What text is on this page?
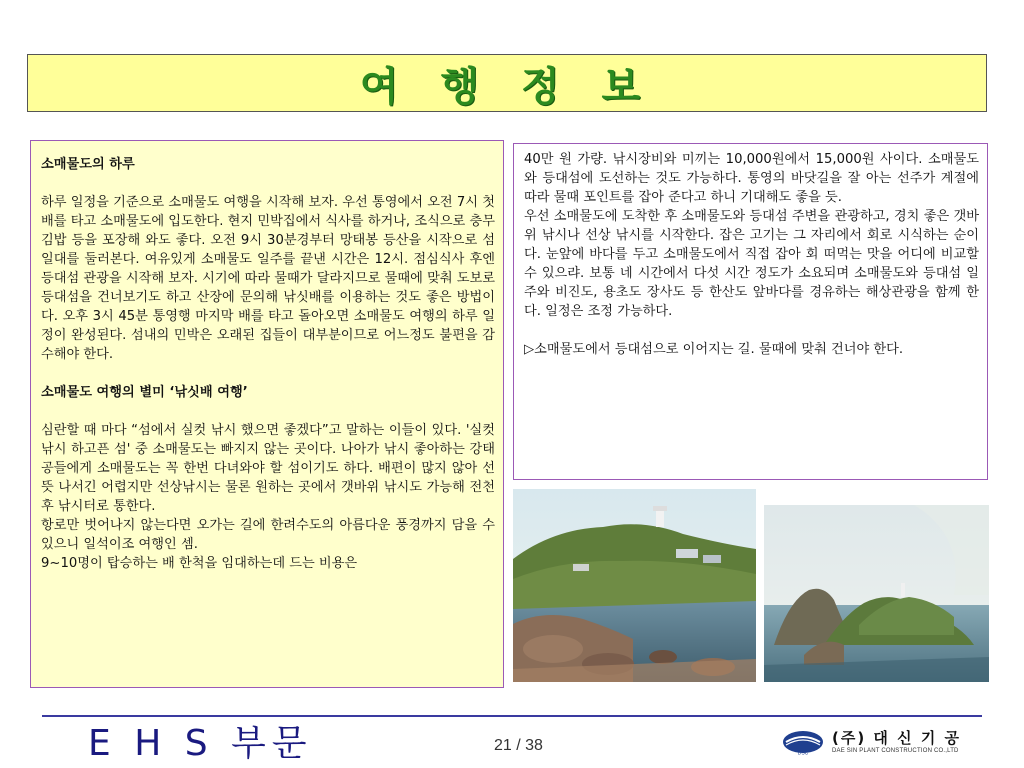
여 행 정 보

소매물도의 하루

하루 일정을 기준으로 소매물도 여행을 시작해 보자. 우선 통영에서 오전 7시 첫배를 타고 소매물도에 입도한다. 현지 민박집에서 식사를 하거나, 조식으로 충무김밥 등을 포장해 와도 좋다. 오전 9시 30분경부터 망태봉 등산을 시작으로 섬 일대를 둘러본다. 여유있게 소매물도 일주를 끝낸 시간은 12시. 점심식사 후엔 등대섬 관광을 시작해 보자. 시기에 따라 물때가 달라지므로 물때에 맞춰 도보로 등대섬을 건너보기도 하고 산장에 문의해 낚싯배를 이용하는 것도 좋은 방법이다. 오후 3시 45분 통영행 마지막 배를 타고 돌아오면 소매물도 여행의 하루 일정이 완성된다. 섬내의 민박은 오래된 집들이 대부분이므로 어느정도 불편을 감수해야 한다.

소매물도 여행의 별미 ‘낚싯배 여행’

심란할 때 마다 “섬에서 실컷 낚시 했으면 좋겠다”고 말하는 이들이 있다. '실컷 낚시 하고픈 섬' 중 소매물도는 빠지지 않는 곳이다. 나아가 낚시 좋아하는 강태공들에게 소매물도는 꼭 한번 다녀와야 할 섬이기도 하다. 배편이 많지 않아 선뜻 나서긴 어렵지만 선상낚시는 물론 원하는 곳에서 갯바위 낚시도 가능해 전천후 낚시터로 통한다.

항로만 벗어나지 않는다면 오가는 길에 한려수도의 아름다운 풍경까지 담을 수 있으니 일석이조 여행인 셈.

9~10명이 탑승하는 배 한척을 임대하는데 드는 비용은

40만 원 가량. 낚시장비와 미끼는 10,000원에서 15,000원 사이다. 소매물도와 등대섬에 도선하는 것도 가능하다. 통영의 바닷길을 잘 아는 선주가 계절에 따라 물때 포인트를 잡아 준다고 하니 기대해도 좋을 듯.

우선 소매물도에 도착한 후 소매물도와 등대섬 주변을 관광하고, 경치 좋은 갯바위 낚시나 선상 낚시를 시작한다. 잡은 고기는 그 자리에서 회로 시식하는 순이다. 눈앞에 바다를 두고 소매물도에서 직접 잡아 회 떠먹는 맛을 어디에 비교할 수 있으랴. 보통 네 시간에서 다섯 시간 정도가 소요되며 소매물도와 등대섬 일주와 비진도, 용초도 장사도 등 한산도 앞바다를 경유하는 해상관광을 함께 한다. 일정은 조정 가능하다.

▷소매물도에서 등대섬으로 이어지는 길. 물때에 맞춰 건너야 한다.

E H S 부문	21 / 38	DSC
(주) 대 신 기 공
DAE SIN PLANT CONSTRUCTION CO.,LTD
